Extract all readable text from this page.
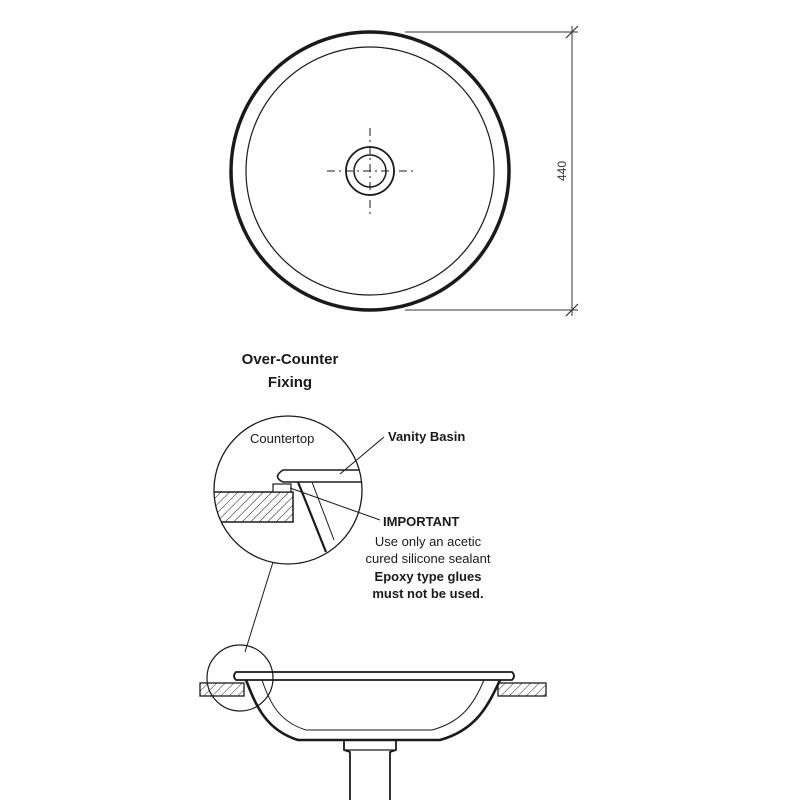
440
Over-Counter
Fixing
Countertop	Vanity Basin
IMPORTANT
Use only an acetic
cured silicone sealant
Epoxy type glues
must not be used.
